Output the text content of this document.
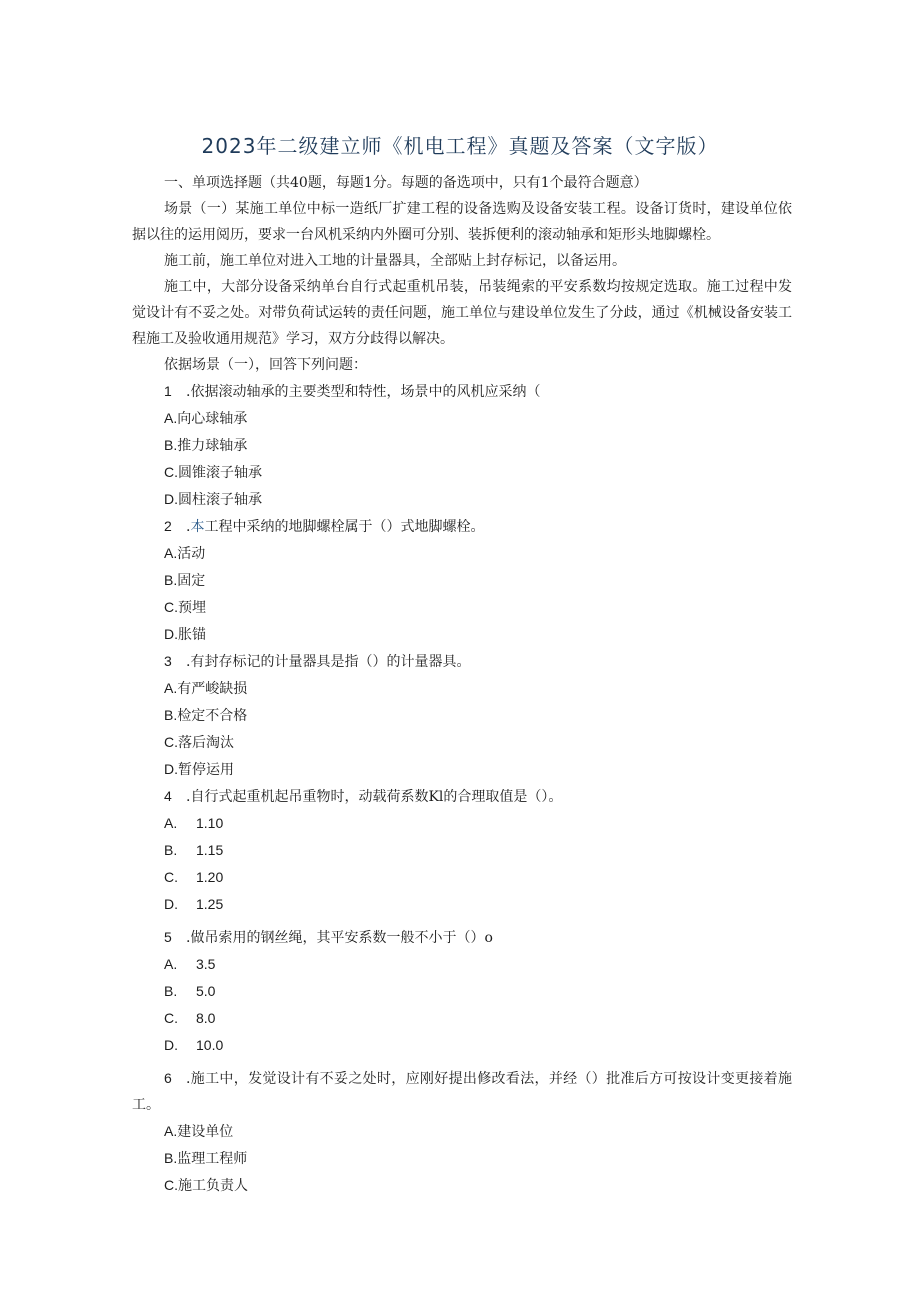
2023年二级建立师《机电工程》真题及答案（文字版）

一、单项选择题（共40题，每题1分。每题的备选项中，只有1个最符合题意）

场景（一）某施工单位中标一造纸厂扩建工程的设备选购及设备安装工程。设备订货时，建设单位依据以往的运用阅历，要求一台风机采纳内外圈可分别、装拆便利的滚动轴承和矩形头地脚螺栓。

施工前，施工单位对进入工地的计量器具，全部贴上封存标记，以备运用。

施工中，大部分设备采纳单台自行式起重机吊装，吊装绳索的平安系数均按规定选取。施工过程中发觉设计有不妥之处。对带负荷试运转的责任问题，施工单位与建设单位发生了分歧，通过《机械设备安装工程施工及验收通用规范》学习，双方分歧得以解决。

依据场景（一），回答下列问题：

1 .依据滚动轴承的主要类型和特性，场景中的风机应采纳（

A.向心球轴承

B.推力球轴承

C.圆锥滚子轴承

D.圆柱滚子轴承

2 .本工程中采纳的地脚螺栓属于（）式地脚螺栓。

A.活动

B.固定

C.预埋

D.胀锚

3 .有封存标记的计量器具是指（）的计量器具。

A.有严峻缺损

B.检定不合格

C.落后淘汰

D.暂停运用

4 .自行式起重机起吊重物时，动载荷系数Kl的合理取值是（）。

A. 1.10

B. 1.15

C. 1.20

D. 1.25

5 .做吊索用的钢丝绳，其平安系数一般不小于（）o

A. 3.5

B. 5.0

C. 8.0

D. 10.0

6 .施工中，发觉设计有不妥之处时，应刚好提出修改看法，并经（）批准后方可按设计变更接着施工。

A.建设单位

B.监理工程师

C.施工负责人
